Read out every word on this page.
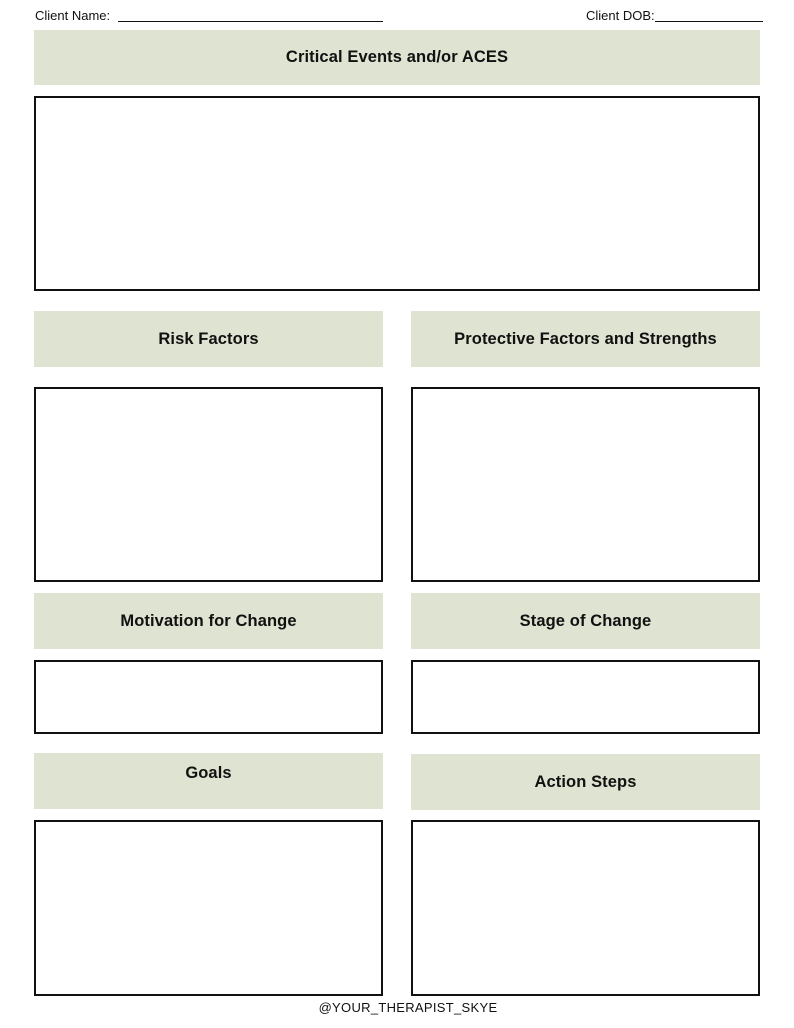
Client Name:	Client DOB:
Critical Events and/or ACES
Risk Factors	Protective Factors and Strengths
Motivation for Change	Stage of Change
Goals	Action Steps
@YOUR_THERAPIST_SKYE
